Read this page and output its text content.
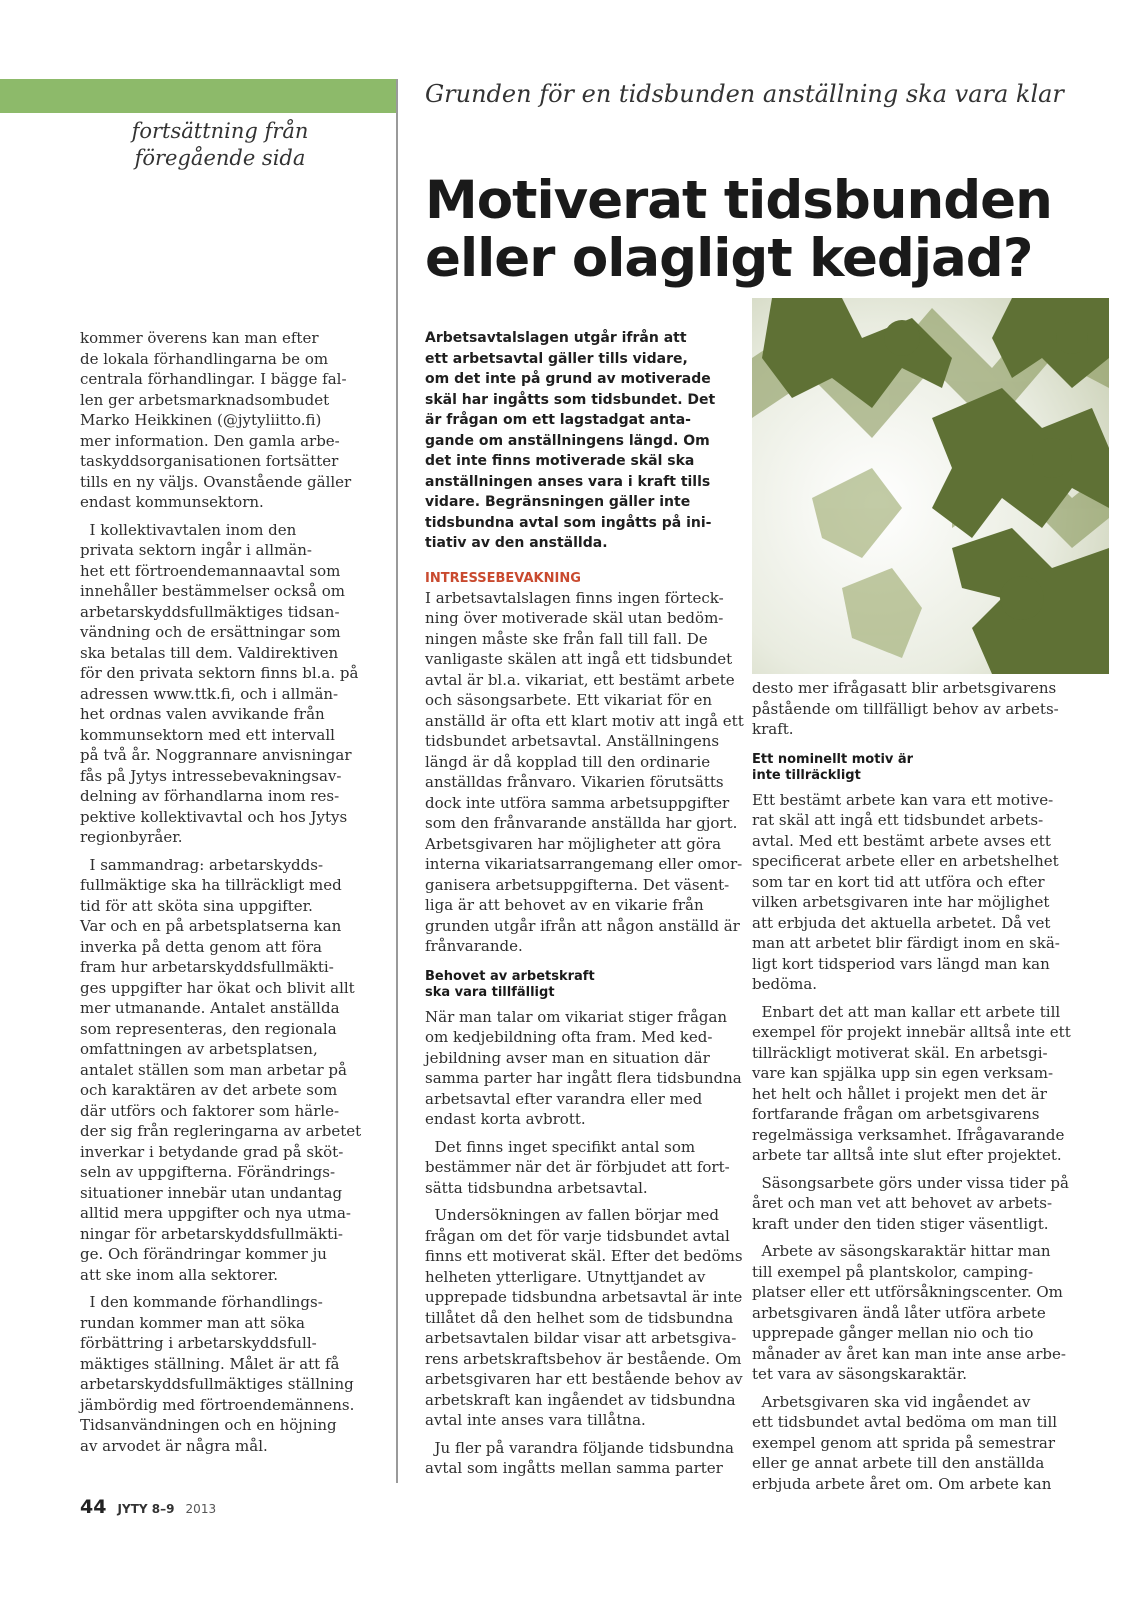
Grunden för en tidsbunden anställning ska vara klar
fortsättning från
föregående sida
Motiverat tidsbunden
eller olagligt kedjad?
kommer överens kan man efter
de lokala förhandlingarna be om
centrala förhandlingar. I bägge fal-
len ger arbetsmarknadsombudet
Marko Heikkinen (@jytyliitto.fi)
mer information. Den gamla arbe-
taskyddsorganisationen fortsätter
tills en ny väljs. Ovanstående gäller
endast kommunsektorn.
I kollektivavtalen inom den
privata sektorn ingår i allmän-
het ett förtroendemannaavtal som
innehåller bestämmelser också om
arbetarskyddsfullmäktiges tidsan-
vändning och de ersättningar som
ska betalas till dem. Valdirektiven
för den privata sektorn finns bl.a. på
adressen www.ttk.fi, och i allmän-
het ordnas valen avvikande från
kommunsektorn med ett intervall
på två år. Noggrannare anvisningar
fås på Jytys intressebevakningsav-
delning av förhandlarna inom res-
pektive kollektivavtal och hos Jytys
regionbyråer.
I sammandrag: arbetarskydds-
fullmäktige ska ha tillräckligt med
tid för att sköta sina uppgifter.
Var och en på arbetsplatserna kan
inverka på detta genom att föra
fram hur arbetarskyddsfullmäkti-
ges uppgifter har ökat och blivit allt
mer utmanande. Antalet anställda
som representeras, den regionala
omfattningen av arbetsplatsen,
antalet ställen som man arbetar på
och karaktären av det arbete som
där utförs och faktorer som härle-
der sig från regleringarna av arbetet
inverkar i betydande grad på sköt-
seln av uppgifterna. Förändrings-
situationer innebär utan undantag
alltid mera uppgifter och nya utma-
ningar för arbetarskyddsfullmäkti-
ge. Och förändringar kommer ju
att ske inom alla sektorer.
I den kommande förhandlings-
rundan kommer man att söka
förbättring i arbetarskyddsfull-
mäktiges ställning. Målet är att få
arbetarskyddsfullmäktiges ställning
jämbördig med förtroendemännens.
Tidsanvändningen och en höjning
av arvodet är några mål.
Arbetsavtalslagen utgår ifrån att
ett arbetsavtal gäller tills vidare,
om det inte på grund av motiverade
skäl har ingåtts som tidsbundet. Det
är frågan om ett lagstadgat anta-
gande om anställningens längd. Om
det inte finns motiverade skäl ska
anställningen anses vara i kraft tills
vidare. Begränsningen gäller inte
tidsbundna avtal som ingåtts på ini-
tiativ av den anställda.
INTRESSEBEVAKNING
I arbetsavtalslagen finns ingen förteck-
ning över motiverade skäl utan bedöm-
ningen måste ske från fall till fall. De
vanligaste skälen att ingå ett tidsbundet
avtal är bl.a. vikariat, ett bestämt arbete
och säsongsarbete. Ett vikariat för en
anställd är ofta ett klart motiv att ingå ett
tidsbundet arbetsavtal. Anställningens
längd är då kopplad till den ordinarie
anställdas frånvaro. Vikarien förutsätts
dock inte utföra samma arbetsuppgifter
som den frånvarande anställda har gjort.
Arbetsgivaren har möjligheter att göra
interna vikariatsarrangemang eller omor-
ganisera arbetsuppgifterna. Det väsent-
liga är att behovet av en vikarie från
grunden utgår ifrån att någon anställd är
frånvarande.
Behovet av arbetskraft
ska vara tillfälligt
När man talar om vikariat stiger frågan
om kedjebildning ofta fram. Med ked-
jebildning avser man en situation där
samma parter har ingått flera tidsbundna
arbetsavtal efter varandra eller med
endast korta avbrott.
Det finns inget specifikt antal som
bestämmer när det är förbjudet att fort-
sätta tidsbundna arbetsavtal.
Undersökningen av fallen börjar med
frågan om det för varje tidsbundet avtal
finns ett motiverat skäl. Efter det bedöms
helheten ytterligare. Utnyttjandet av
upprepade tidsbundna arbetsavtal är inte
tillåtet då den helhet som de tidsbundna
arbetsavtalen bildar visar att arbetsgiva-
rens arbetskraftsbehov är bestående. Om
arbetsgivaren har ett bestående behov av
arbetskraft kan ingåendet av tidsbundna
avtal inte anses vara tillåtna.
Ju fler på varandra följande tidsbundna
avtal som ingåtts mellan samma parter
desto mer ifrågasatt blir arbetsgivarens
påstående om tillfälligt behov av arbets-
kraft.
Ett nominellt motiv är
inte tillräckligt
Ett bestämt arbete kan vara ett motive-
rat skäl att ingå ett tidsbundet arbets-
avtal. Med ett bestämt arbete avses ett
specificerat arbete eller en arbetshelhet
som tar en kort tid att utföra och efter
vilken arbetsgivaren inte har möjlighet
att erbjuda det aktuella arbetet. Då vet
man att arbetet blir färdigt inom en skä-
ligt kort tidsperiod vars längd man kan
bedöma.
Enbart det att man kallar ett arbete till
exempel för projekt innebär alltså inte ett
tillräckligt motiverat skäl. En arbetsgi-
vare kan spjälka upp sin egen verksam-
het helt och hållet i projekt men det är
fortfarande frågan om arbetsgivarens
regelmässiga verksamhet. Ifrågavarande
arbete tar alltså inte slut efter projektet.
Säsongsarbete görs under vissa tider på
året och man vet att behovet av arbets-
kraft under den tiden stiger väsentligt.
Arbete av säsongskaraktär hittar man
till exempel på plantskolor, camping-
platser eller ett utförsåkningscenter. Om
arbetsgivaren ändå låter utföra arbete
upprepade gånger mellan nio och tio
månader av året kan man inte anse arbe-
tet vara av säsongskaraktär.
Arbetsgivaren ska vid ingåendet av
ett tidsbundet avtal bedöma om man till
exempel genom att sprida på semestrar
eller ge annat arbete till den anställda
erbjuda arbete året om. Om arbete kan
44 JYTY 8–9 2013
